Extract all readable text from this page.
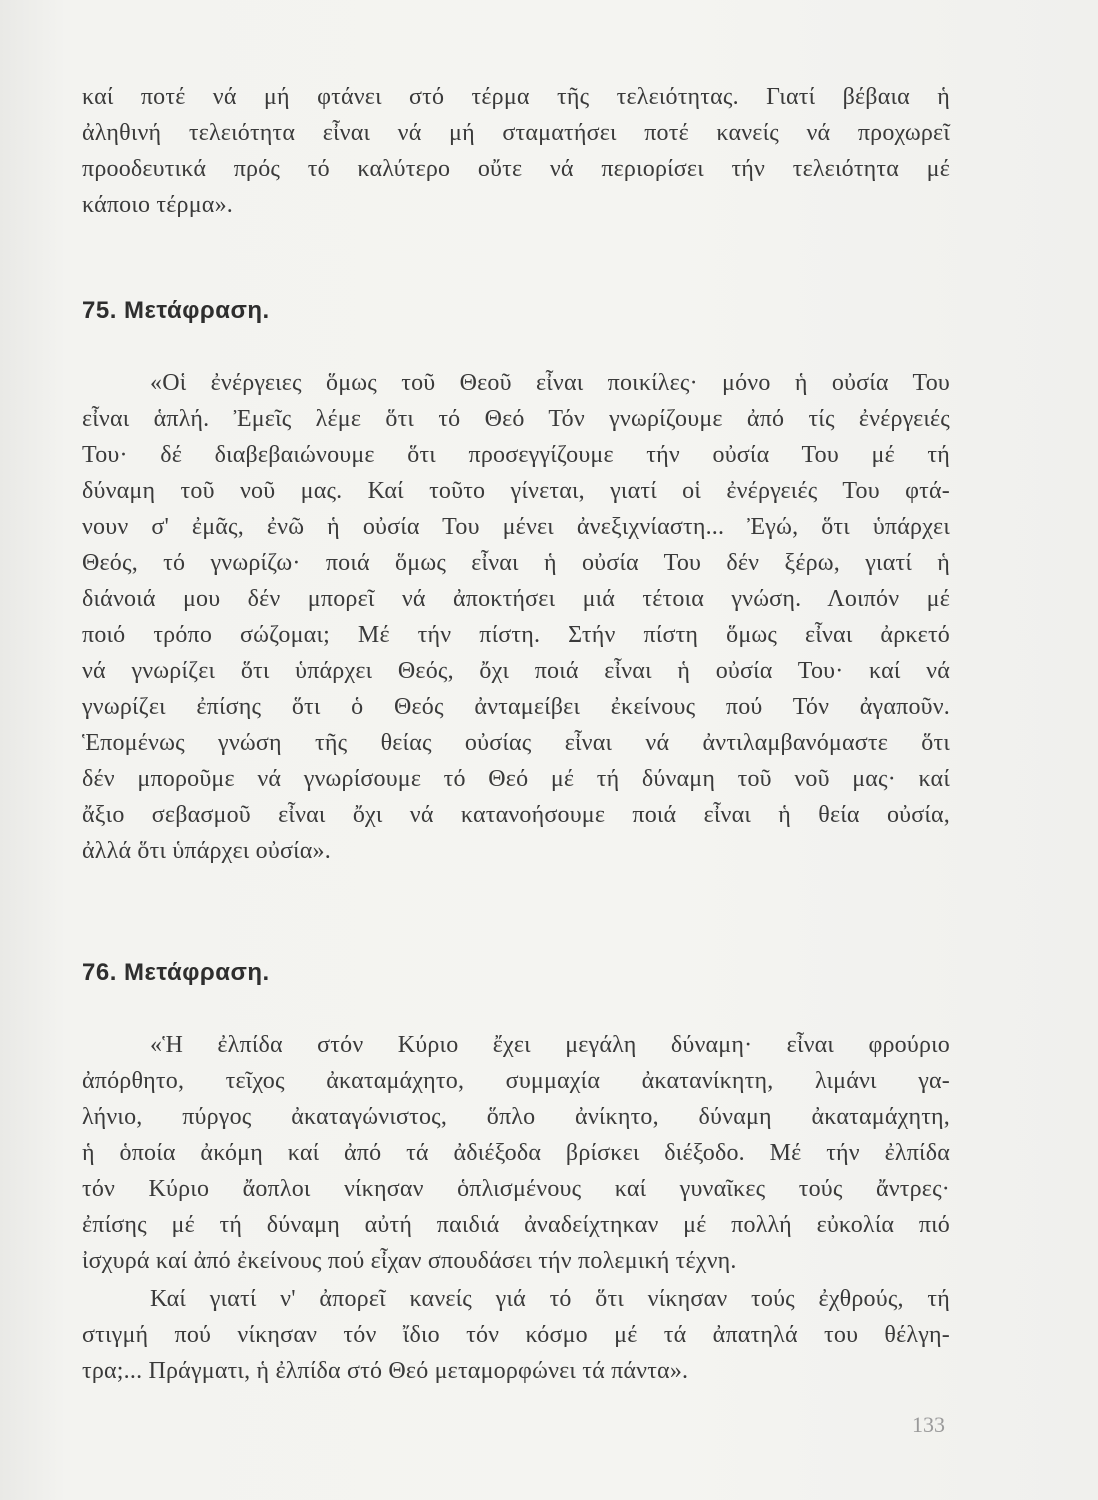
καί ποτέ νά μή φτάνει στό τέρμα τῆς τελειότητας. Γιατί βέβαια ἡ
ἀληθινή τελειότητα εἶναι νά μή σταματήσει ποτέ κανείς νά προχωρεῖ
προοδευτικά πρός τό καλύτερο οὔτε νά περιορίσει τήν τελειότητα μέ
κάποιο τέρμα».
75. Μετάφραση.
«Οἱ ἐνέργειες ὅμως τοῦ Θεοῦ εἶναι ποικίλες· μόνο ἡ οὐσία Του
εἶναι ἁπλή. Ἐμεῖς λέμε ὅτι τό Θεό Τόν γνωρίζουμε ἀπό τίς ἐνέργειές
Του· δέ διαβεβαιώνουμε ὅτι προσεγγίζουμε τήν οὐσία Του μέ τή
δύναμη τοῦ νοῦ μας. Καί τοῦτο γίνεται, γιατί οἱ ἐνέργειές Του φτά-
νουν σ' ἐμᾶς, ἐνῶ ἡ οὐσία Του μένει ἀνεξιχνίαστη... Ἐγώ, ὅτι ὑπάρχει
Θεός, τό γνωρίζω· ποιά ὅμως εἶναι ἡ οὐσία Του δέν ξέρω, γιατί ἡ
διάνοιά μου δέν μπορεῖ νά ἀποκτήσει μιά τέτοια γνώση. Λοιπόν μέ
ποιό τρόπο σώζομαι; Μέ τήν πίστη. Στήν πίστη ὅμως εἶναι ἀρκετό
νά γνωρίζει ὅτι ὑπάρχει Θεός, ὄχι ποιά εἶναι ἡ οὐσία Του· καί νά
γνωρίζει ἐπίσης ὅτι ὁ Θεός ἀνταμείβει ἐκείνους πού Τόν ἀγαποῦν.
Ἑπομένως γνώση τῆς θείας οὐσίας εἶναι νά ἀντιλαμβανόμαστε ὅτι
δέν μποροῦμε νά γνωρίσουμε τό Θεό μέ τή δύναμη τοῦ νοῦ μας· καί
ἄξιο σεβασμοῦ εἶναι ὄχι νά κατανοήσουμε ποιά εἶναι ἡ θεία οὐσία,
ἀλλά ὅτι ὑπάρχει οὐσία».
76. Μετάφραση.
«Ἡ ἐλπίδα στόν Κύριο ἔχει μεγάλη δύναμη· εἶναι φρούριο
ἀπόρθητο, τεῖχος ἀκαταμάχητο, συμμαχία ἀκατανίκητη, λιμάνι γα-
λήνιο, πύργος ἀκαταγώνιστος, ὅπλο ἀνίκητο, δύναμη ἀκαταμάχητη,
ἡ ὁποία ἀκόμη καί ἀπό τά ἀδιέξοδα βρίσκει διέξοδο. Μέ τήν ἐλπίδα
τόν Κύριο ἄοπλοι νίκησαν ὁπλισμένους καί γυναῖκες τούς ἄντρες·
ἐπίσης μέ τή δύναμη αὐτή παιδιά ἀναδείχτηκαν μέ πολλή εὐκολία πιό
ἰσχυρά καί ἀπό ἐκείνους πού εἶχαν σπουδάσει τήν πολεμική τέχνη.
Καί γιατί ν' ἀπορεῖ κανείς γιά τό ὅτι νίκησαν τούς ἐχθρούς, τή
στιγμή πού νίκησαν τόν ἴδιο τόν κόσμο μέ τά ἀπατηλά του θέλγη-
τρα;... Πράγματι, ἡ ἐλπίδα στό Θεό μεταμορφώνει τά πάντα».
133
